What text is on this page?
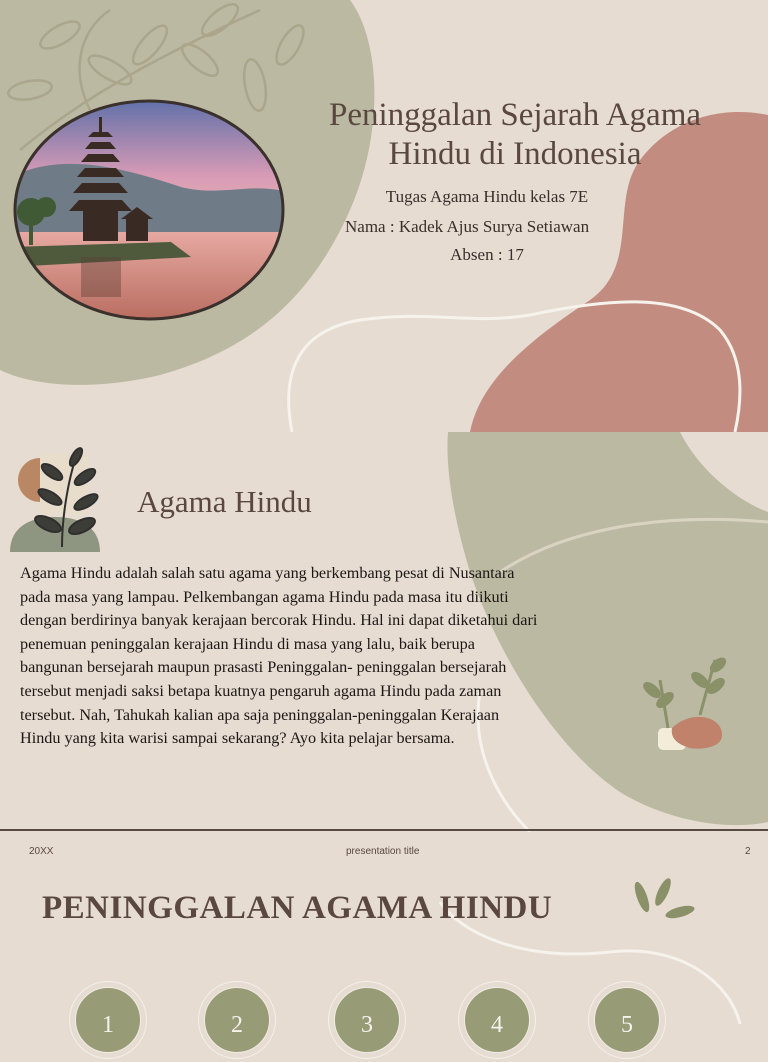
Peninggalan Sejarah Agama
Hindu di Indonesia
Tugas Agama Hindu kelas 7E
Nama : Kadek Ajus Surya Setiawan
Absen : 17
Agama Hindu
Agama Hindu adalah salah satu agama yang berkembang pesat di Nusantara pada masa yang lampau. Pelkembangan agama Hindu pada masa itu diikuti dengan berdirinya banyak kerajaan bercorak Hindu. Hal ini dapat diketahui dari penemuan peninggalan kerajaan Hindu di masa yang lalu, baik berupa bangunan bersejarah maupun prasasti Peninggalan- peninggalan bersejarah tersebut menjadi saksi betapa kuatnya pengaruh agama Hindu pada zaman tersebut. Nah, Tahukah kalian apa saja peninggalan-peninggalan Kerajaan Hindu yang kita warisi sampai sekarang? Ayo kita pelajar bersama.
20XX	presentation title	2
PENINGGALAN AGAMA HINDU
1	2	3	4	5
